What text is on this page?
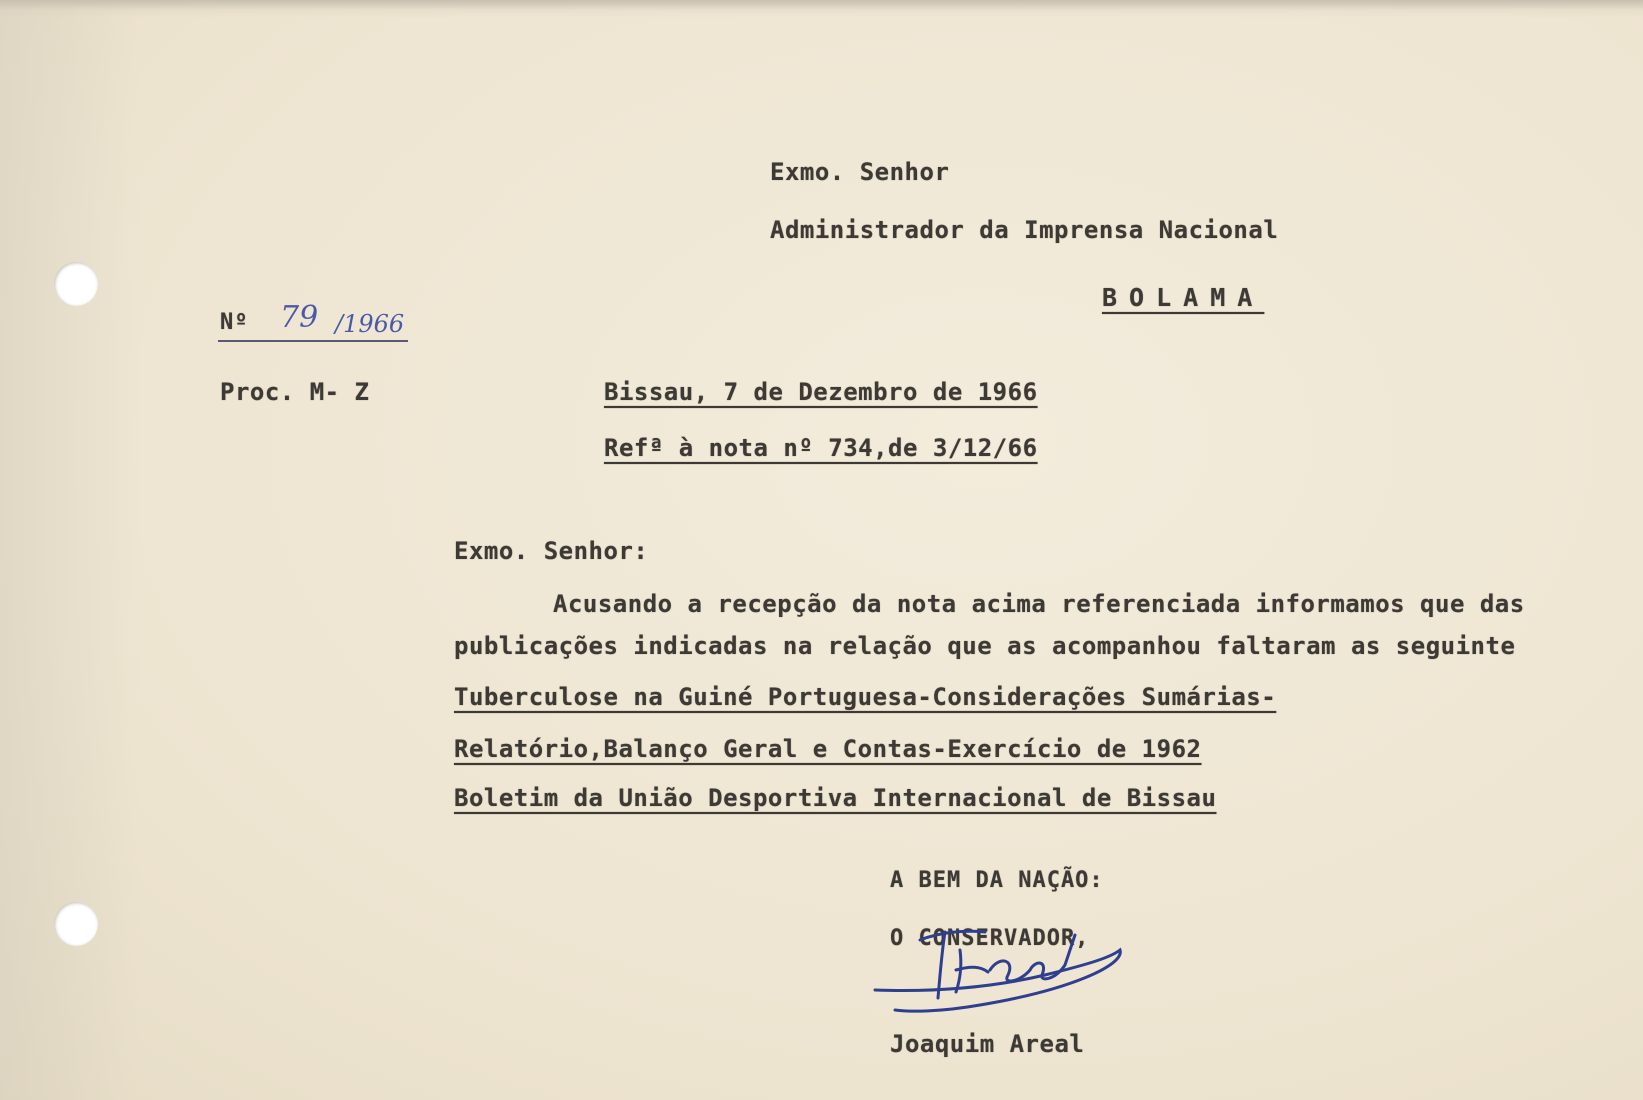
Exmo. Senhor
Administrador da Imprensa Nacional
BOLAMA
Nº 79 /1966
Proc. M- Z	Bissau, 7 de Dezembro de 1966
Refª à nota nº 734,de 3/12/66
Exmo. Senhor:
Acusando a recepção da nota acima referenciada informamos que das
publicações indicadas na relação que as acompanhou faltaram as seguinte
Tuberculose na Guiné Portuguesa-Considerações Sumárias-
Relatório,Balanço Geral e Contas-Exercício de 1962
Boletim da União Desportiva Internacional de Bissau
A BEM DA NAÇÃO:
O CONSERVADOR,
Joaquim Areal
